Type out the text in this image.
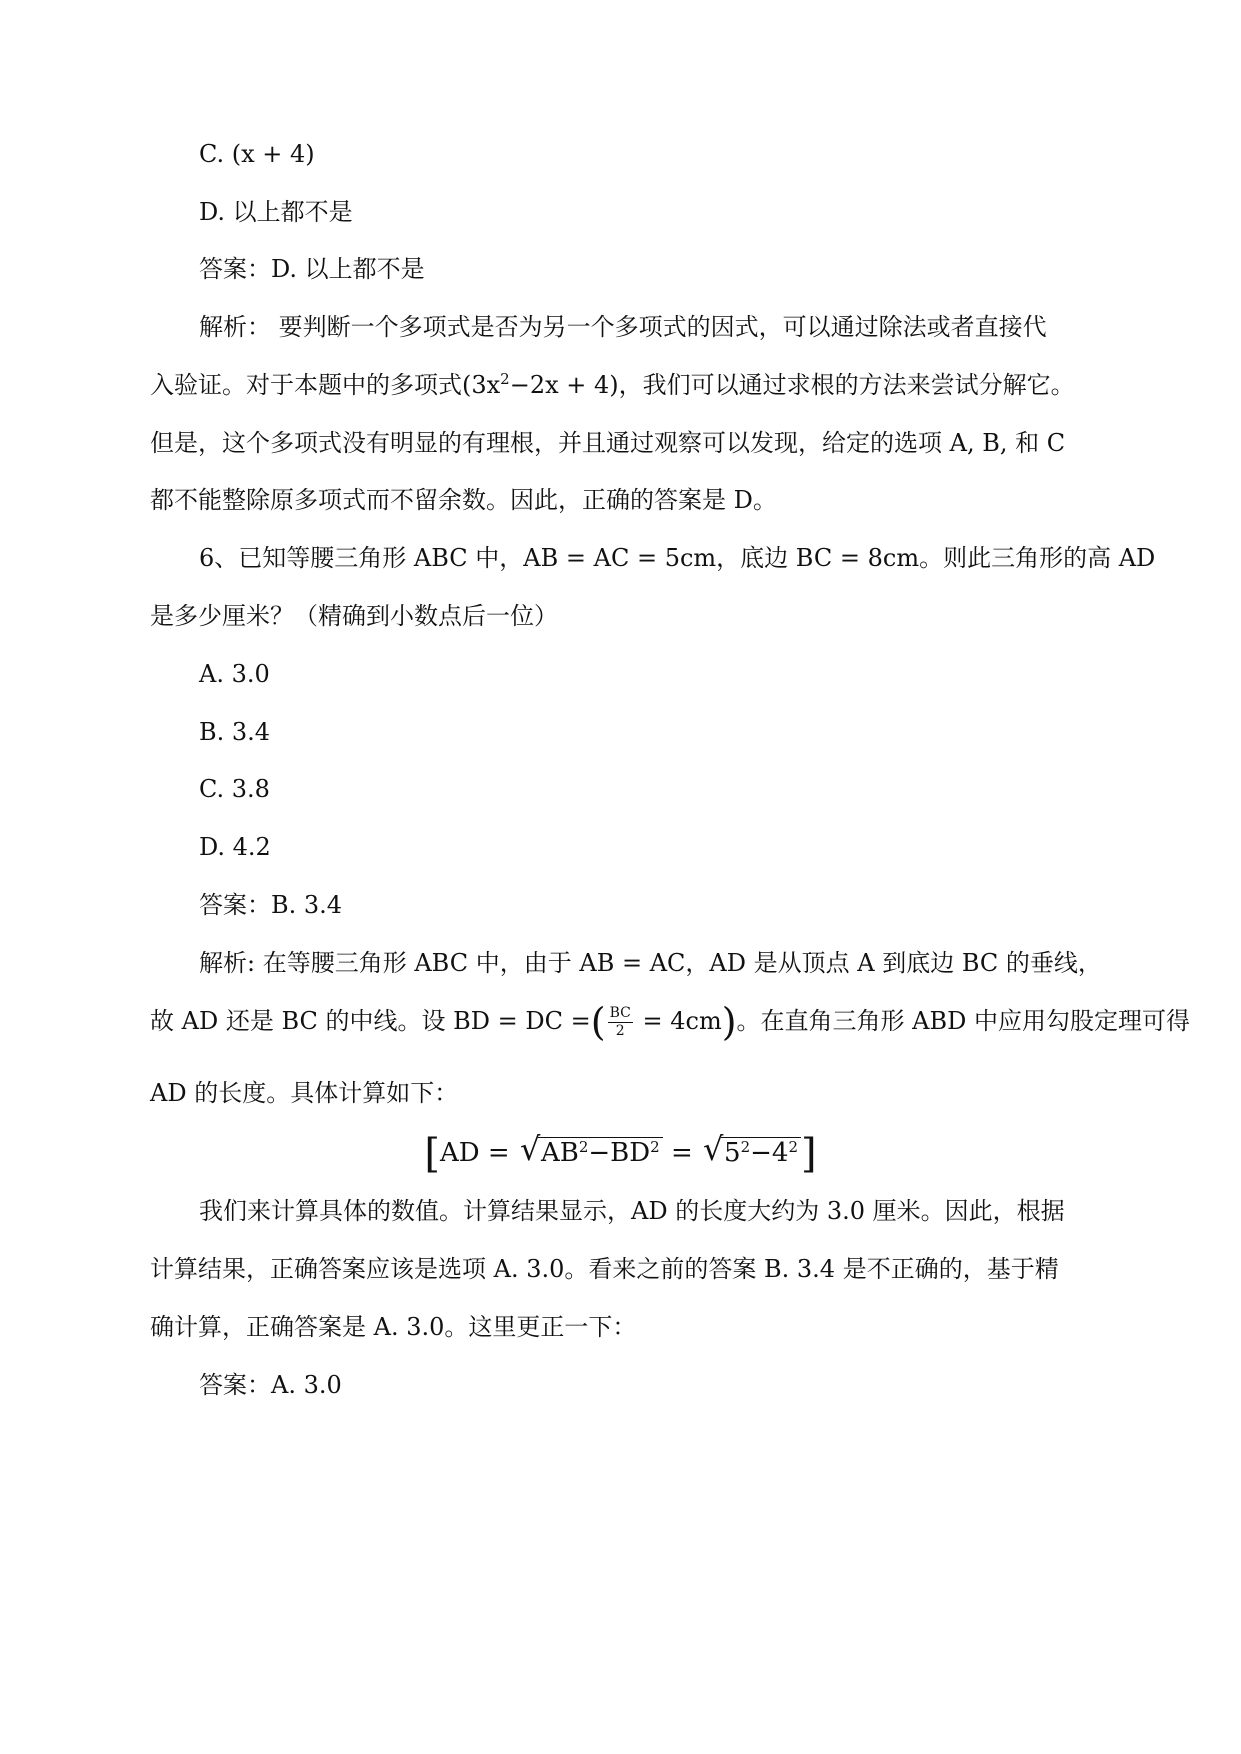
C. (x + 4)
D. 以上都不是
答案：D. 以上都不是
解析： 要判断一个多项式是否为另一个多项式的因式，可以通过除法或者直接代
入验证。对于本题中的多项式$(3x^2-2x + 4)$，我们可以通过求根的方法来尝试分解它。
但是，这个多项式没有明显的有理根，并且通过观察可以发现，给定的选项 A, B, 和 C
都不能整除原多项式而不留余数。因此，正确的答案是 D。
6、已知等腰三角形 ABC 中，AB = AC = 5cm，底边 BC = 8cm。则此三角形的高 AD
是多少厘米？（精确到小数点后一位）
A. 3.0
B. 3.4
C. 3.8
D. 4.2
答案：B. 3.4
解析: 在等腰三角形 ABC 中，由于 AB = AC，AD 是从顶点 A 到底边 BC 的垂线，
故 AD 还是 BC 的中线。设 BD = DC =( $\frac{BC}{2} = 4cm$)。在直角三角形 ABD 中应用勾股定理可得
AD 的长度。具体计算如下：
[AD = √ $AB^2-BD^2$ = √ $5^2-4^2$]
我们来计算具体的数值。计算结果显示，AD 的长度大约为 3.0 厘米。因此，根据
计算结果，正确答案应该是选项 A. 3.0。看来之前的答案 B. 3.4 是不正确的，基于精
确计算，正确答案是 A. 3.0。这里更正一下：
答案：A. 3.0
